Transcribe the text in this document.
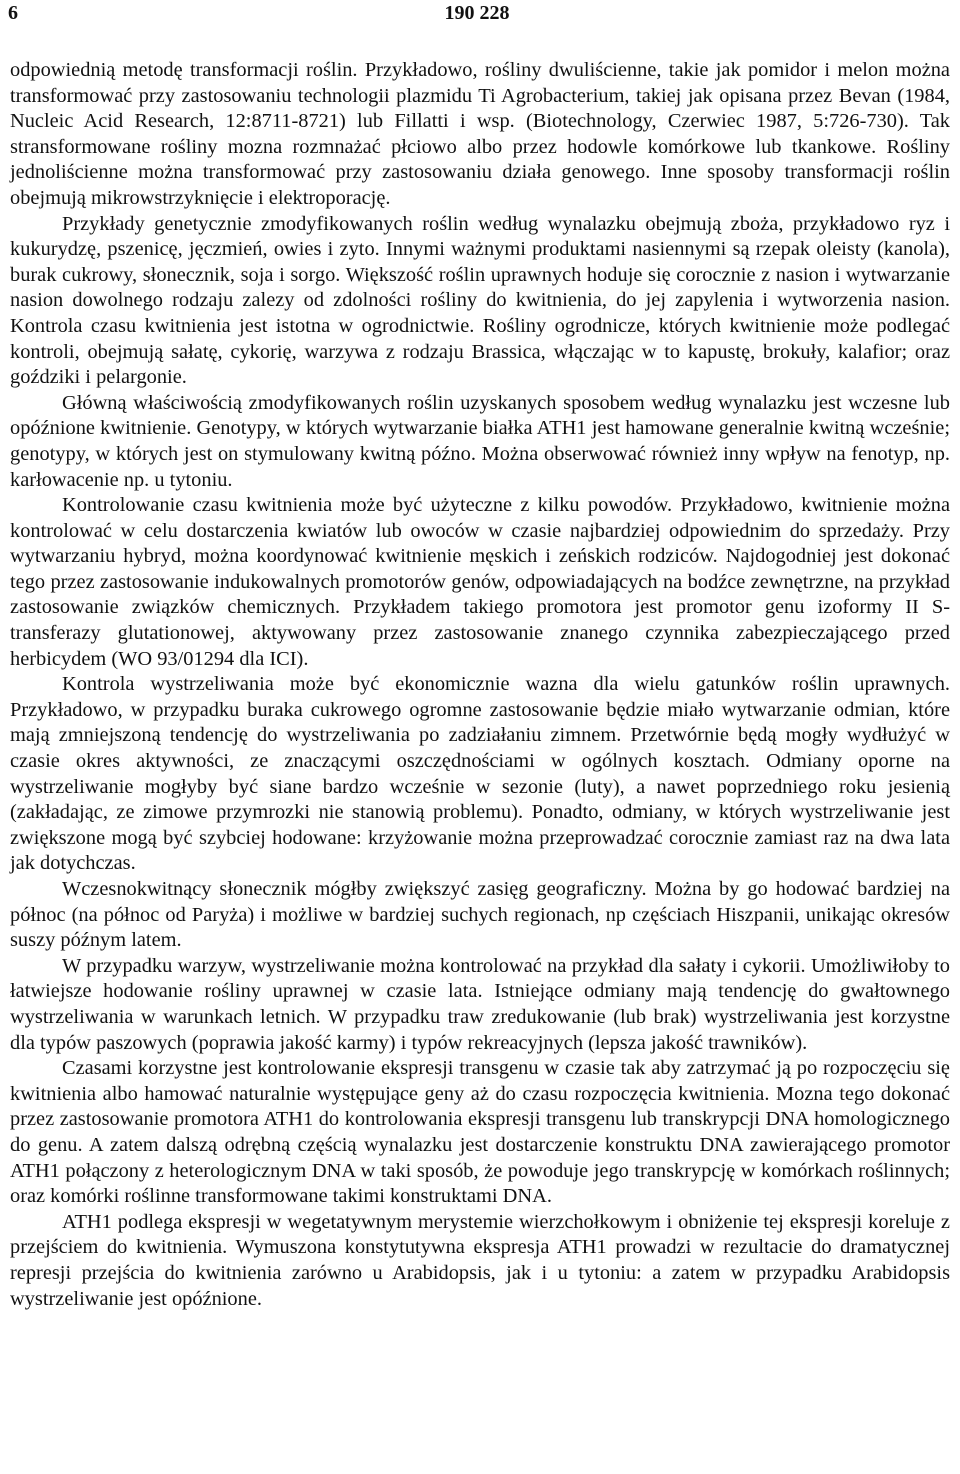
6	190 228

odpowiednią metodę transformacji roślin. Przykładowo, rośliny dwuliścienne, takie jak pomidor i melon można transformować przy zastosowaniu technologii plazmidu Ti Agrobacterium, takiej jak opisana przez Bevan (1984, Nucleic Acid Research, 12:8711-8721) lub Fillatti i wsp. (Biotechnology, Czerwiec 1987, 5:726-730). Tak stransformowane rośliny mozna rozmnażać płciowo albo przez hodowle komórkowe lub tkankowe. Rośliny jednoliścienne można transformować przy zastosowaniu działa genowego. Inne sposoby transformacji roślin obejmują mikrowstrzyknięcie i elektroporację.

Przykłady genetycznie zmodyfikowanych roślin według wynalazku obejmują zboża, przykładowo ryz i kukurydzę, pszenicę, jęczmień, owies i zyto. Innymi ważnymi produktami nasiennymi są rzepak oleisty (kanola), burak cukrowy, słonecznik, soja i sorgo. Większość roślin uprawnych hoduje się corocznie z nasion i wytwarzanie nasion dowolnego rodzaju zalezy od zdolności rośliny do kwitnienia, do jej zapylenia i wytworzenia nasion. Kontrola czasu kwitnienia jest istotna w ogrodnictwie. Rośliny ogrodnicze, których kwitnienie może podlegać kontroli, obejmują sałatę, cykorię, warzywa z rodzaju Brassica, włączając w to kapustę, brokuły, kalafior; oraz goździki i pelargonie.

Główną właściwością zmodyfikowanych roślin uzyskanych sposobem według wynalazku jest wczesne lub opóźnione kwitnienie. Genotypy, w których wytwarzanie białka ATH1 jest hamowane generalnie kwitną wcześnie; genotypy, w których jest on stymulowany kwitną późno. Można obserwować również inny wpływ na fenotyp, np. karłowacenie np. u tytoniu.

Kontrolowanie czasu kwitnienia może być użyteczne z kilku powodów. Przykładowo, kwitnienie można kontrolować w celu dostarczenia kwiatów lub owoców w czasie najbardziej odpowiednim do sprzedaży. Przy wytwarzaniu hybryd, można koordynować kwitnienie męskich i zeńskich rodziców. Najdogodniej jest dokonać tego przez zastosowanie indukowalnych promotorów genów, odpowiadających na bodźce zewnętrzne, na przykład zastosowanie związków chemicznych. Przykładem takiego promotora jest promotor genu izoformy II S-transferazy glutationowej, aktywowany przez zastosowanie znanego czynnika zabezpieczającego przed herbicydem (WO 93/01294 dla ICI).

Kontrola wystrzeliwania może być ekonomicznie wazna dla wielu gatunków roślin uprawnych. Przykładowo, w przypadku buraka cukrowego ogromne zastosowanie będzie miało wytwarzanie odmian, które mają zmniejszoną tendencję do wystrzeliwania po zadziałaniu zimnem. Przetwórnie będą mogły wydłużyć w czasie okres aktywności, ze znaczącymi oszczędnościami w ogólnych kosztach. Odmiany oporne na wystrzeliwanie mogłyby być siane bardzo wcześnie w sezonie (luty), a nawet poprzedniego roku jesienią (zakładając, ze zimowe przymrozki nie stanowią problemu). Ponadto, odmiany, w których wystrzeliwanie jest zwiększone mogą być szybciej hodowane: krzyżowanie można przeprowadzać corocznie zamiast raz na dwa lata jak dotychczas.

Wczesnokwitnący słonecznik mógłby zwiększyć zasięg geograficzny. Można by go hodować bardziej na północ (na północ od Paryża) i możliwe w bardziej suchych regionach, np częściach Hiszpanii, unikając okresów suszy późnym latem.

W przypadku warzyw, wystrzeliwanie można kontrolować na przykład dla sałaty i cykorii. Umożliwiłoby to łatwiejsze hodowanie rośliny uprawnej w czasie lata. Istniejące odmiany mają tendencję do gwałtownego wystrzeliwania w warunkach letnich. W przypadku traw zredukowanie (lub brak) wystrzeliwania jest korzystne dla typów paszowych (poprawia jakość karmy) i typów rekreacyjnych (lepsza jakość trawników).

Czasami korzystne jest kontrolowanie ekspresji transgenu w czasie tak aby zatrzymać ją po rozpoczęciu się kwitnienia albo hamować naturalnie występujące geny aż do czasu rozpoczęcia kwitnienia. Mozna tego dokonać przez zastosowanie promotora ATH1 do kontrolowania ekspresji transgenu lub transkrypcji DNA homologicznego do genu. A zatem dalszą odrębną częścią wynalazku jest dostarczenie konstruktu DNA zawierającego promotor ATH1 połączony z heterologicznym DNA w taki sposób, że powoduje jego transkrypcję w komórkach roślinnych; oraz komórki roślinne transformowane takimi konstruktami DNA.

ATH1 podlega ekspresji w wegetatywnym merystemie wierzchołkowym i obniżenie tej ekspresji koreluje z przejściem do kwitnienia. Wymuszona konstytutywna ekspresja ATH1 prowadzi w rezultacie do dramatycznej represji przejścia do kwitnienia zarówno u Arabidopsis, jak i u tytoniu: a zatem w przypadku Arabidopsis wystrzeliwanie jest opóźnione.
